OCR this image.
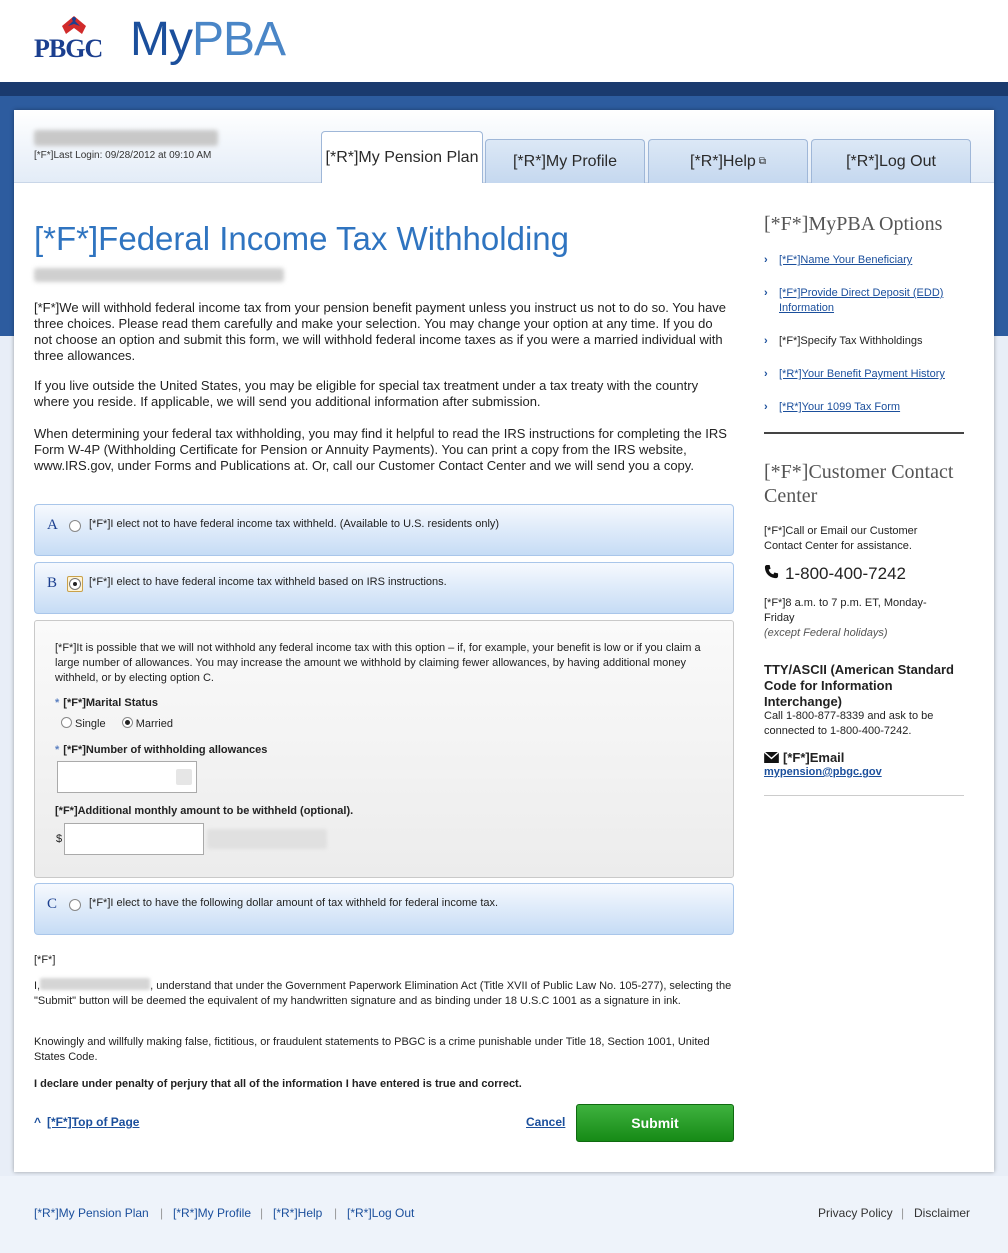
PBGC MyPBA
[*F*]Last Login: 09/28/2012 at 09:10 AM	[*R*]My Pension Plan [*R*]My Profile	[*R*]Help ⧉	[*R*]Log Out
[*F*]Federal Income Tax Withholding
[*F*]We will withhold federal income tax from your pension benefit payment unless you instruct us not to do so. You have three choices. Please read them carefully and make your selection. You may change your option at any time. If you do not choose an option and submit this form, we will withhold federal income taxes as if you were a married individual with three allowances.
If you live outside the United States, you may be eligible for special tax treatment under a tax treaty with the country where you reside. If applicable, we will send you additional information after submission.
When determining your federal tax withholding, you may find it helpful to read the IRS instructions for completing the IRS Form W-4P (Withholding Certificate for Pension or Annuity Payments). You can print a copy from the IRS website, www.IRS.gov, under Forms and Publications at. Or, call our Customer Contact Center and we will send you a copy.
A	[*F*]I elect not to have federal income tax withheld. (Available to U.S. residents only)
B	[*F*]I elect to have federal income tax withheld based on IRS instructions.
[*F*]It is possible that we will not withhold any federal income tax with this option – if, for example, your benefit is low or if you claim a large number of allowances. You may increase the amount we withhold by claiming fewer allowances, by having additional money withheld, or by electing option C.
* [*F*]Marital Status
Single	Married
* [*F*]Number of withholding allowances
[*F*]Additional monthly amount to be withheld (optional).
$
C	[*F*]I elect to have the following dollar amount of tax withheld for federal income tax.
[*F*]
I,	, understand that under the Government Paperwork Elimination Act (Title XVII of Public Law No. 105-277), selecting the "Submit" button will be deemed the equivalent of my handwritten signature and as binding under 18 U.S.C 1001 as a signature in ink.
Knowingly and willfully making false, fictitious, or fraudulent statements to PBGC is a crime punishable under Title 18, Section 1001, United States Code.
I declare under penalty of perjury that all of the information I have entered is true and correct.
^ [*F*]Top of Page	Cancel	Submit
[*F*]MyPBA Options
› [*F*]Name Your Beneficiary
› [*F*]Provide Direct Deposit (EDD) Information
› [*F*]Specify Tax Withholdings
› [*R*]Your Benefit Payment History
› [*R*]Your 1099 Tax Form
[*F*]Customer Contact Center
[*F*]Call or Email our Customer Contact Center for assistance.
1-800-400-7242
[*F*]8 a.m. to 7 p.m. ET, Monday-Friday
(except Federal holidays)
TTY/ASCII (American Standard Code for Information Interchange)
Call 1-800-877-8339 and ask to be connected to 1-800-400-7242.
[*F*]Email
mypension@pbgc.gov
[*R*]My Pension Plan | [*R*]My Profile | [*R*]Help | [*R*]Log Out	Privacy Policy | Disclaimer
